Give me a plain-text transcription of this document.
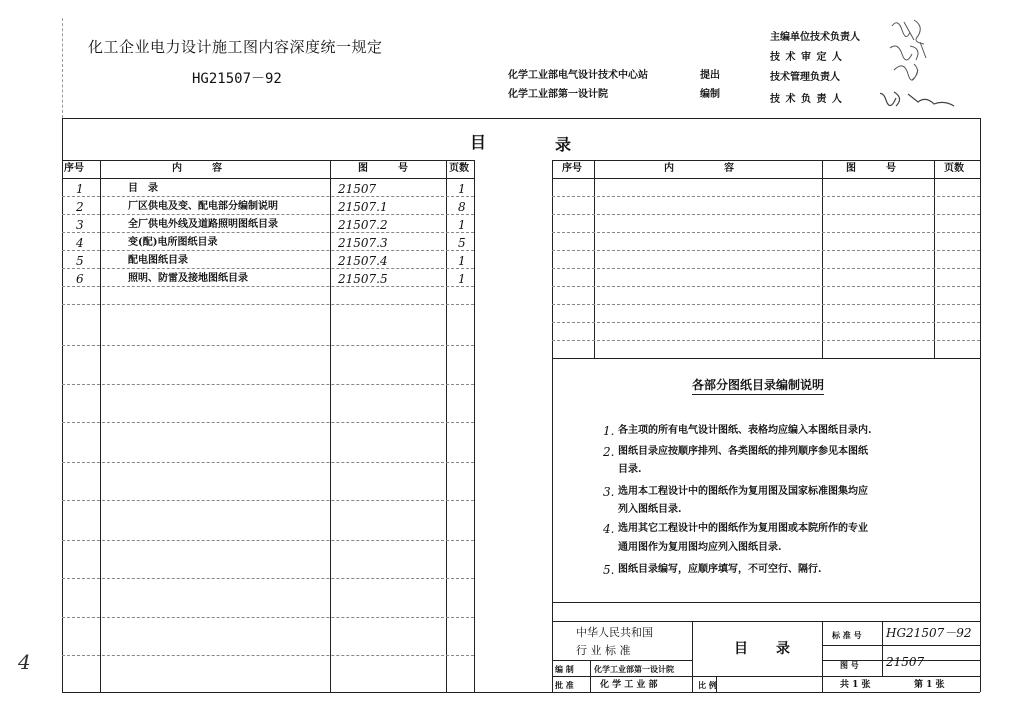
4
化工企业电力设计施工图内容深度统一规定
HG21507－92	化学工业部电气设计技术中心站	提出
化学工业部第一设计院	编制
主编单位技术负责人
技 术 审 定 人
技术管理负责人
技 术 负 责 人
目	录
序号	内　　　容	图　　　号	页数
1	目　录	21507	1
2	厂区供电及变、配电部分编制说明	21507.1	8
3	全厂供电外线及道路照明图纸目录	21507.2	1
4	变(配)电所图纸目录	21507.3	5
5	配电图纸目录	21507.4	1
6	照明、防雷及接地图纸目录	21507.5	1
序号	内　　　　　容	图　　　号	页数
各部分图纸目录编制说明
1. 各主项的所有电气设计图纸、表格均应编入本图纸目录内.
2. 图纸目录应按顺序排列、各类图纸的排列顺序参见本图纸
目录.
3. 选用本工程设计中的图纸作为复用图及国家标准图集均应
列入图纸目录.
4. 选用其它工程设计中的图纸作为复用图或本院所作的专业
通用图作为复用图均应列入图纸目录.
5. 图纸目录编写，应顺序填写，不可空行、隔行.
中华人民共和国
行 业 标 准	目　　录
编 制	化学工业部第一设计院
批 准	化 学 工 业 部	比 例
标 准 号 HG21507－92
图 号 21507
共 1 张	第 1 张
